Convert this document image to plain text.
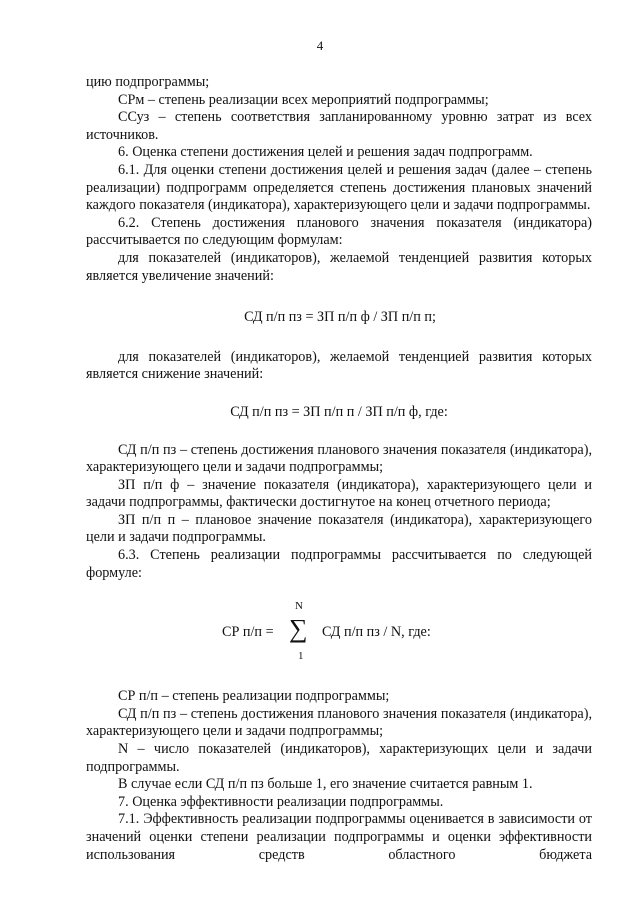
4

цию подпрограммы;

СРм – степень реализации всех мероприятий подпрограммы;

ССуз – степень соответствия запланированному уровню затрат из всех источников.

6. Оценка степени достижения целей и решения задач подпрограмм.

6.1. Для оценки степени достижения целей и решения задач (далее – степень реализации) подпрограмм определяется степень достижения плановых значений каждого показателя (индикатора), характеризующего цели и задачи подпрограммы.

6.2. Степень достижения планового значения показателя (индикатора) рассчитывается по следующим формулам:

для показателей (индикаторов), желаемой тенденцией развития которых является увеличение значений:

СД п/п пз = ЗП п/п ф / ЗП п/п п;

для показателей (индикаторов), желаемой тенденцией развития которых является снижение значений:

СД п/п пз = ЗП п/п п / ЗП п/п ф, где:

СД п/п пз – степень достижения планового значения показателя (индикатора), характеризующего цели и задачи подпрограммы;

ЗП п/п ф – значение показателя (индикатора), характеризующего цели и задачи подпрограммы, фактически достигнутое на конец отчетного периода;

ЗП п/п п – плановое значение показателя (индикатора), характеризующего цели и задачи подпрограммы.

6.3. Степень реализации подпрограммы рассчитывается по следующей формуле:

СР п/п =
N
∑
1
СД п/п пз / N, где:

СР п/п – степень реализации подпрограммы;

СД п/п пз – степень достижения планового значения показателя (индикатора), характеризующего цели и задачи подпрограммы;

N – число показателей (индикаторов), характеризующих цели и задачи подпрограммы.

В случае если СД п/п пз больше 1, его значение считается равным 1.

7. Оценка эффективности реализации подпрограммы.

7.1. Эффективность реализации подпрограммы оценивается в зависимости от значений оценки степени реализации подпрограммы и оценки эффективности использования средств областного бюджета
